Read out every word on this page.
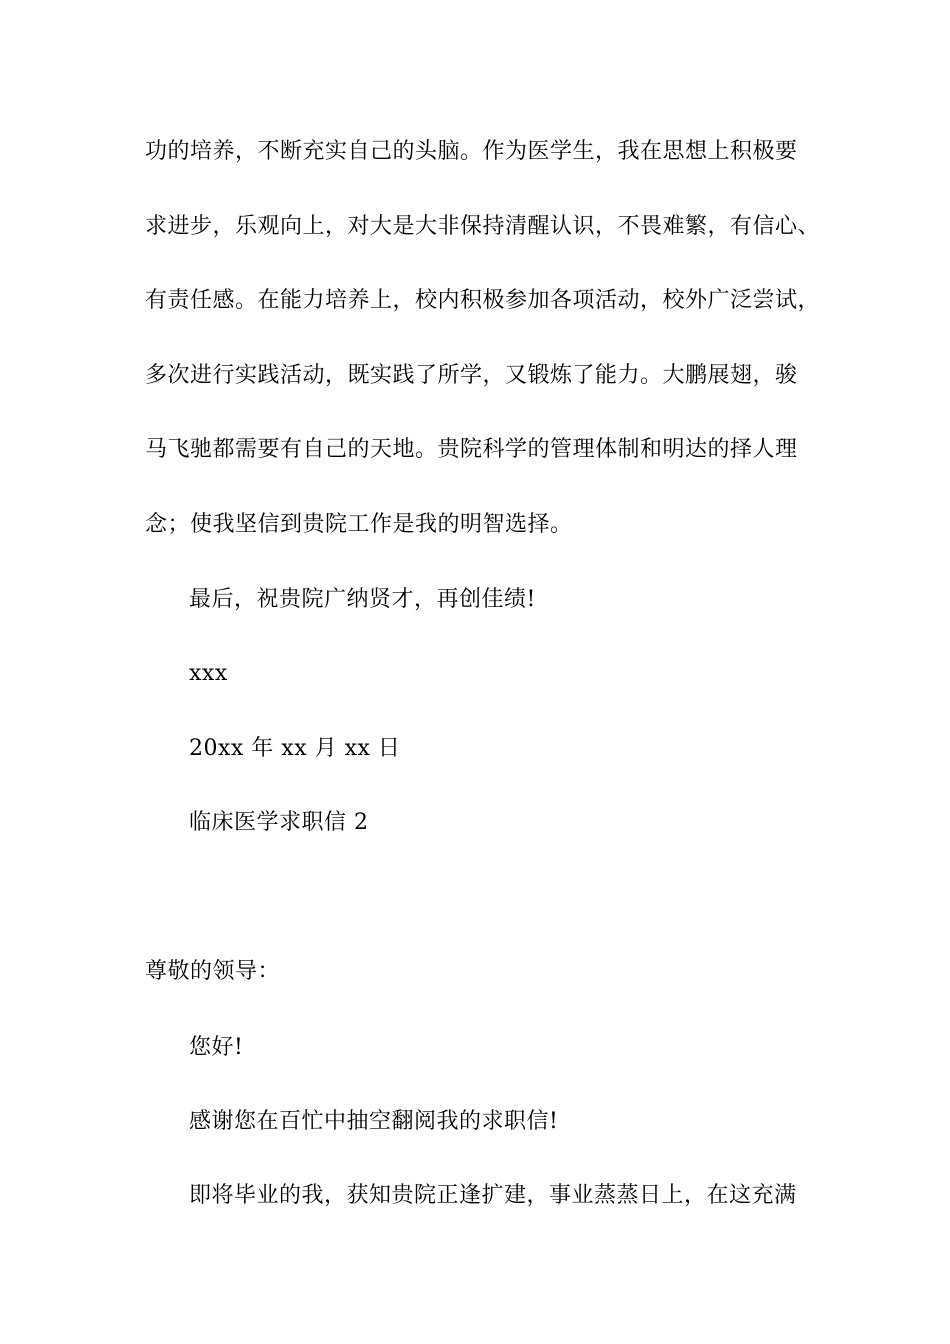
功的培养，不断充实自己的头脑。作为医学生，我在思想上积极要
求进步，乐观向上，对大是大非保持清醒认识，不畏难繁，有信心、
有责任感。在能力培养上，校内积极参加各项活动，校外广泛尝试，
多次进行实践活动，既实践了所学，又锻炼了能力。大鹏展翅，骏
马飞驰都需要有自己的天地。贵院科学的管理体制和明达的择人理
念；使我坚信到贵院工作是我的明智选择。
最后，祝贵院广纳贤才，再创佳绩!
xxx
20xx 年 xx 月 xx 日
临床医学求职信 2
尊敬的领导：
您好!
感谢您在百忙中抽空翻阅我的求职信!
即将毕业的我，获知贵院正逢扩建，事业蒸蒸日上，在这充满
